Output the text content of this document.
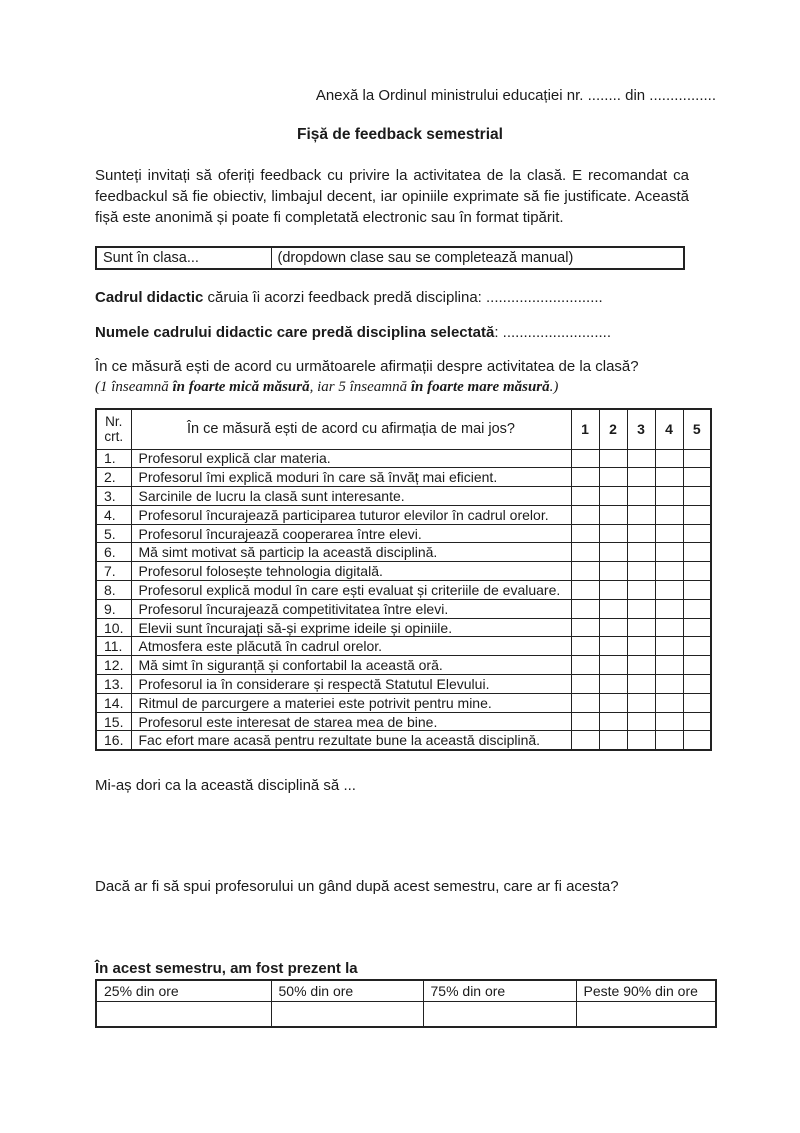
Anexă la Ordinul ministrului educației nr. ........ din ................

Fișă de feedback semestrial

Sunteți invitați să oferiți feedback cu privire la activitatea de la clasă. E recomandat ca feedbackul să fie obiectiv, limbajul decent, iar opiniile exprimate să fie justificate. Această fișă este anonimă și poate fi completată electronic sau în format tipărit.

Sunt în clasa...	(dropdown clase sau se completează manual)

Cadrul didactic căruia îi acorzi feedback predă disciplina: ............................

Numele cadrului didactic care predă disciplina selectată: ..........................

În ce măsură ești de acord cu următoarele afirmații despre activitatea de la clasă?

(1 înseamnă în foarte mică măsură, iar 5 înseamnă în foarte mare măsură.)

Nr.
crt.	În ce măsură ești de acord cu afirmația de mai jos?	1	2	3	4	5
1.	Profesorul explică clar materia.					
2.	Profesorul îmi explică moduri în care să învăț mai eficient.					
3.	Sarcinile de lucru la clasă sunt interesante.					
4.	Profesorul încurajează participarea tuturor elevilor în cadrul orelor.					
5.	Profesorul încurajează cooperarea între elevi.					
6.	Mă simt motivat să particip la această disciplină.					
7.	Profesorul folosește tehnologia digitală.					
8.	Profesorul explică modul în care ești evaluat și criteriile de evaluare.					
9.	Profesorul încurajează competitivitatea între elevi.					
10.	Elevii sunt încurajați să-și exprime ideile și opiniile.					
11.	Atmosfera este plăcută în cadrul orelor.					
12.	Mă simt în siguranță și confortabil la această oră.					
13.	Profesorul ia în considerare și respectă Statutul Elevului.					
14.	Ritmul de parcurgere a materiei este potrivit pentru mine.					
15.	Profesorul este interesat de starea mea de bine.					
16.	Fac efort mare acasă pentru rezultate bune la această disciplină.					

Mi-aș dori ca la această disciplină să ...

Dacă ar fi să spui profesorului un gând după acest semestru, care ar fi acesta?

În acest semestru, am fost prezent la

25% din ore	50% din ore	75% din ore	Peste 90% din ore
